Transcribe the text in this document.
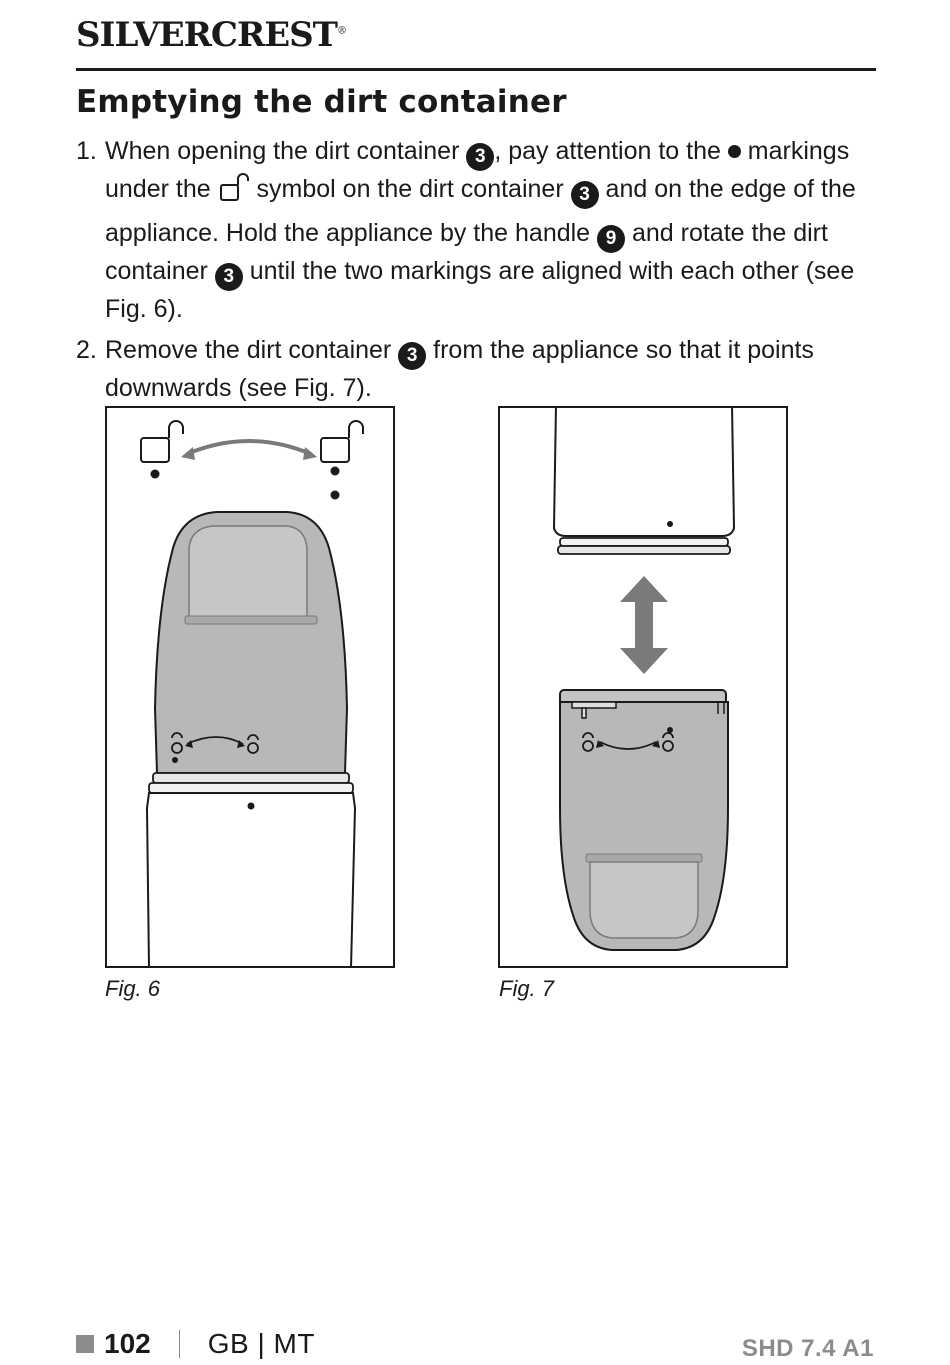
SILVERCREST®
Emptying the dirt container
1. When opening the dirt container 3 , pay attention to the  markings under the  symbol on the dirt container 3 and on the edge of the appliance. Hold the appliance by the handle 9 and rotate the dirt container 3 until the two markings are aligned with each other (see Fig. 6).
2. Remove the dirt container 3 from the appliance so that it points downwards (see Fig. 7).
Fig. 6	Fig. 7
102 GB | MT	SHD 7.4 A1
